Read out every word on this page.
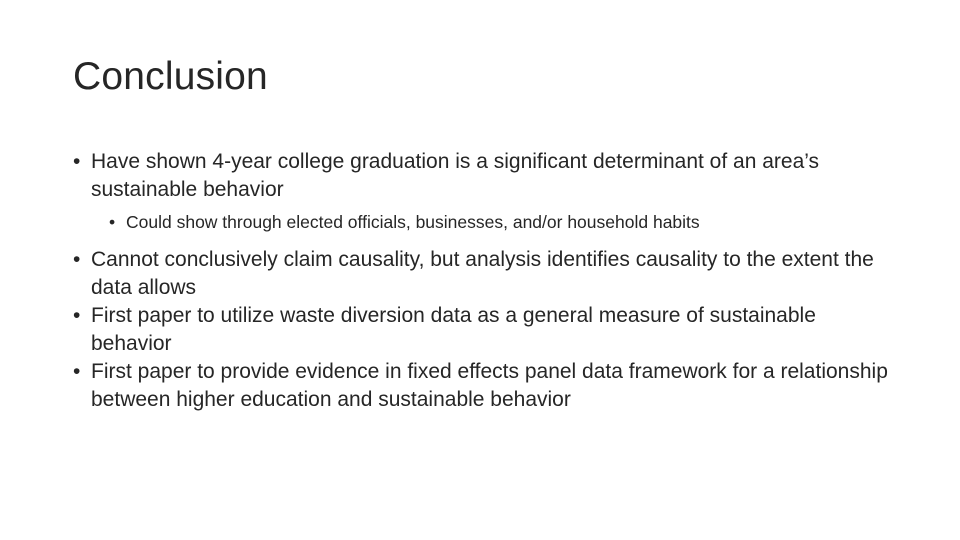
Conclusion
• Have shown 4-year college graduation is a significant determinant of an area’s sustainable behavior
• Could show through elected officials, businesses, and/or household habits
• Cannot conclusively claim causality, but analysis identifies causality to the extent the data allows
• First paper to utilize waste diversion data as a general measure of sustainable behavior
• First paper to provide evidence in fixed effects panel data framework for a relationship between higher education and sustainable behavior
